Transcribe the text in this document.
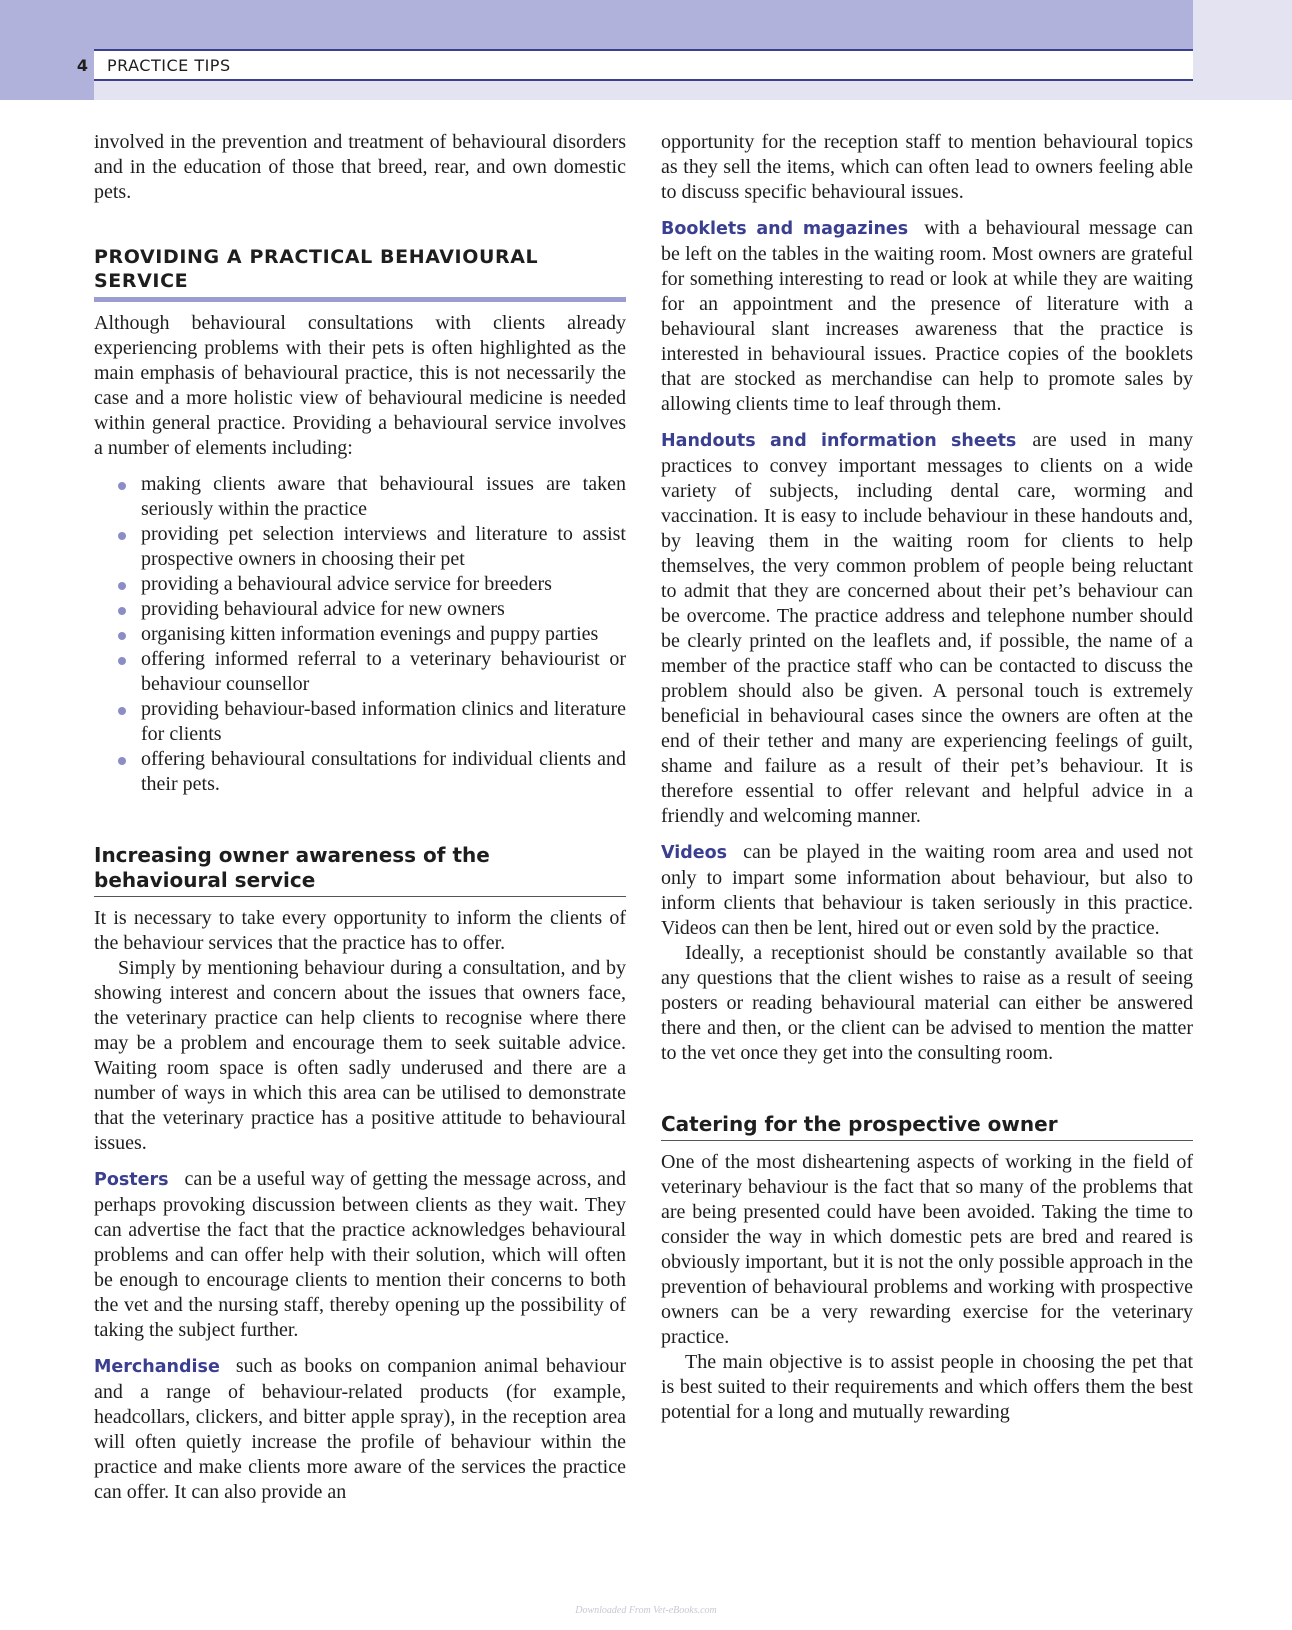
4 PRACTICE TIPS

involved in the prevention and treatment of behavioural disorders and in the education of those that breed, rear, and own domestic pets.

PROVIDING A PRACTICAL BEHAVIOURAL SERVICE

Although behavioural consultations with clients already experiencing problems with their pets is often highlighted as the main emphasis of behavioural practice, this is not necessarily the case and a more holistic view of behavioural medicine is needed within general practice. Providing a behavioural service involves a number of elements including:

making clients aware that behavioural issues are taken seriously within the practice
providing pet selection interviews and literature to assist prospective owners in choosing their pet
providing a behavioural advice service for breeders
providing behavioural advice for new owners
organising kitten information evenings and puppy parties
offering informed referral to a veterinary behaviourist or behaviour counsellor
providing behaviour-based information clinics and literature for clients
offering behavioural consultations for individual clients and their pets.
Increasing owner awareness of the behavioural service

It is necessary to take every opportunity to inform the clients of the behaviour services that the practice has to offer.

Simply by mentioning behaviour during a consultation, and by showing interest and concern about the issues that owners face, the veterinary practice can help clients to recognise where there may be a problem and encourage them to seek suitable advice. Waiting room space is often sadly underused and there are a number of ways in which this area can be utilised to demonstrate that the veterinary practice has a positive attitude to behavioural issues.

Posters can be a useful way of getting the message across, and perhaps provoking discussion between clients as they wait. They can advertise the fact that the practice acknowledges behavioural problems and can offer help with their solution, which will often be enough to encourage clients to mention their concerns to both the vet and the nursing staff, thereby opening up the possibility of taking the subject further.

Merchandise such as books on companion animal behaviour and a range of behaviour-related products (for example, headcollars, clickers, and bitter apple spray), in the reception area will often quietly increase the profile of behaviour within the practice and make clients more aware of the services the practice can offer. It can also provide an

opportunity for the reception staff to mention behavioural topics as they sell the items, which can often lead to owners feeling able to discuss specific behavioural issues.

Booklets and magazines with a behavioural message can be left on the tables in the waiting room. Most owners are grateful for something interesting to read or look at while they are waiting for an appointment and the presence of literature with a behavioural slant increases awareness that the practice is interested in behavioural issues. Practice copies of the booklets that are stocked as merchandise can help to promote sales by allowing clients time to leaf through them.

Handouts and information sheets are used in many practices to convey important messages to clients on a wide variety of subjects, including dental care, worming and vaccination. It is easy to include behaviour in these handouts and, by leaving them in the waiting room for clients to help themselves, the very common problem of people being reluctant to admit that they are concerned about their pet’s behaviour can be overcome. The practice address and telephone number should be clearly printed on the leaflets and, if possible, the name of a member of the practice staff who can be contacted to discuss the problem should also be given. A personal touch is extremely beneficial in behavioural cases since the owners are often at the end of their tether and many are experiencing feelings of guilt, shame and failure as a result of their pet’s behaviour. It is therefore essential to offer relevant and helpful advice in a friendly and welcoming manner.

Videos can be played in the waiting room area and used not only to impart some information about behaviour, but also to inform clients that behaviour is taken seriously in this practice. Videos can then be lent, hired out or even sold by the practice.

Ideally, a receptionist should be constantly available so that any questions that the client wishes to raise as a result of seeing posters or reading behavioural material can either be answered there and then, or the client can be advised to mention the matter to the vet once they get into the consulting room.

Catering for the prospective owner

One of the most disheartening aspects of working in the field of veterinary behaviour is the fact that so many of the problems that are being presented could have been avoided. Taking the time to consider the way in which domestic pets are bred and reared is obviously important, but it is not the only possible approach in the prevention of behavioural problems and working with prospective owners can be a very rewarding exercise for the veterinary practice.

The main objective is to assist people in choosing the pet that is best suited to their requirements and which offers them the best potential for a long and mutually rewarding

Downloaded From Vet-eBooks.com
